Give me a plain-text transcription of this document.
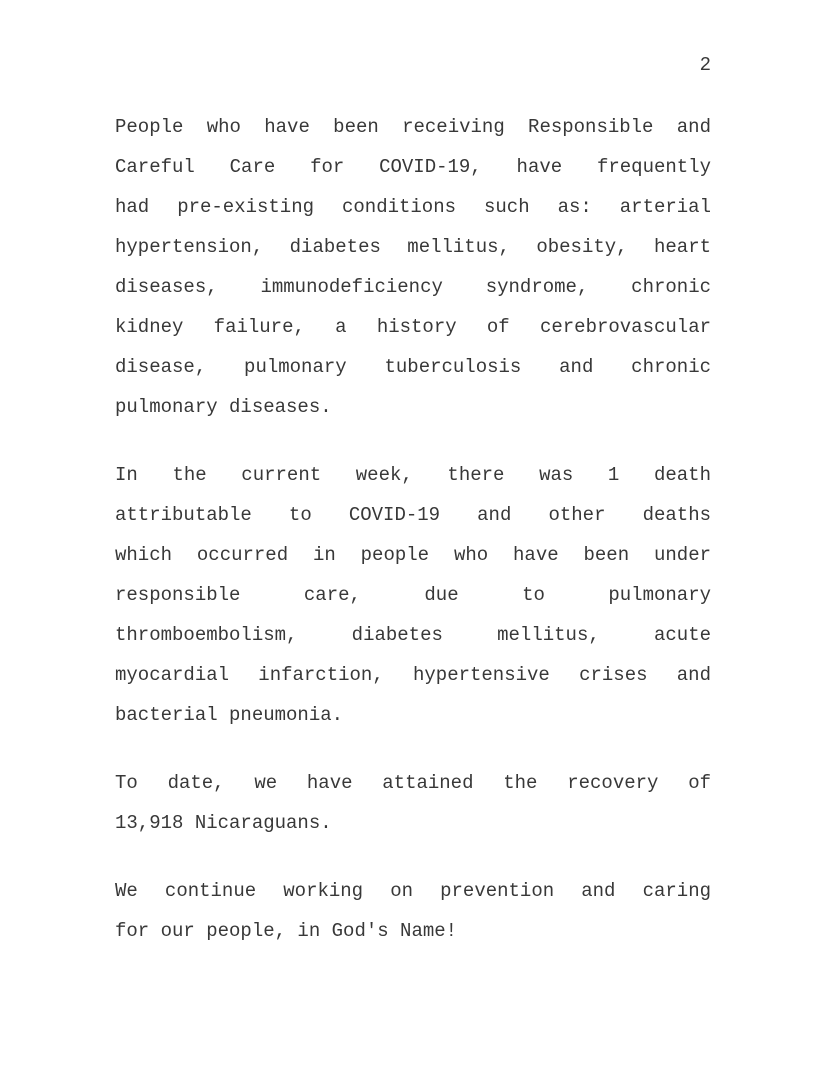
2
People who have been receiving Responsible and
Careful Care for COVID-19, have frequently
had pre-existing conditions such as: arterial
hypertension, diabetes mellitus, obesity, heart
diseases, immunodeficiency syndrome, chronic
kidney failure, a history of cerebrovascular
disease, pulmonary tuberculosis and chronic
pulmonary diseases.
In the current week, there was 1 death
attributable to COVID-19 and other deaths
which occurred in people who have been under
responsible care, due to pulmonary
thromboembolism, diabetes mellitus, acute
myocardial infarction, hypertensive crises and
bacterial pneumonia.
To date, we have attained the recovery of
13,918 Nicaraguans.
We continue working on prevention and caring
for our people, in God's Name!
